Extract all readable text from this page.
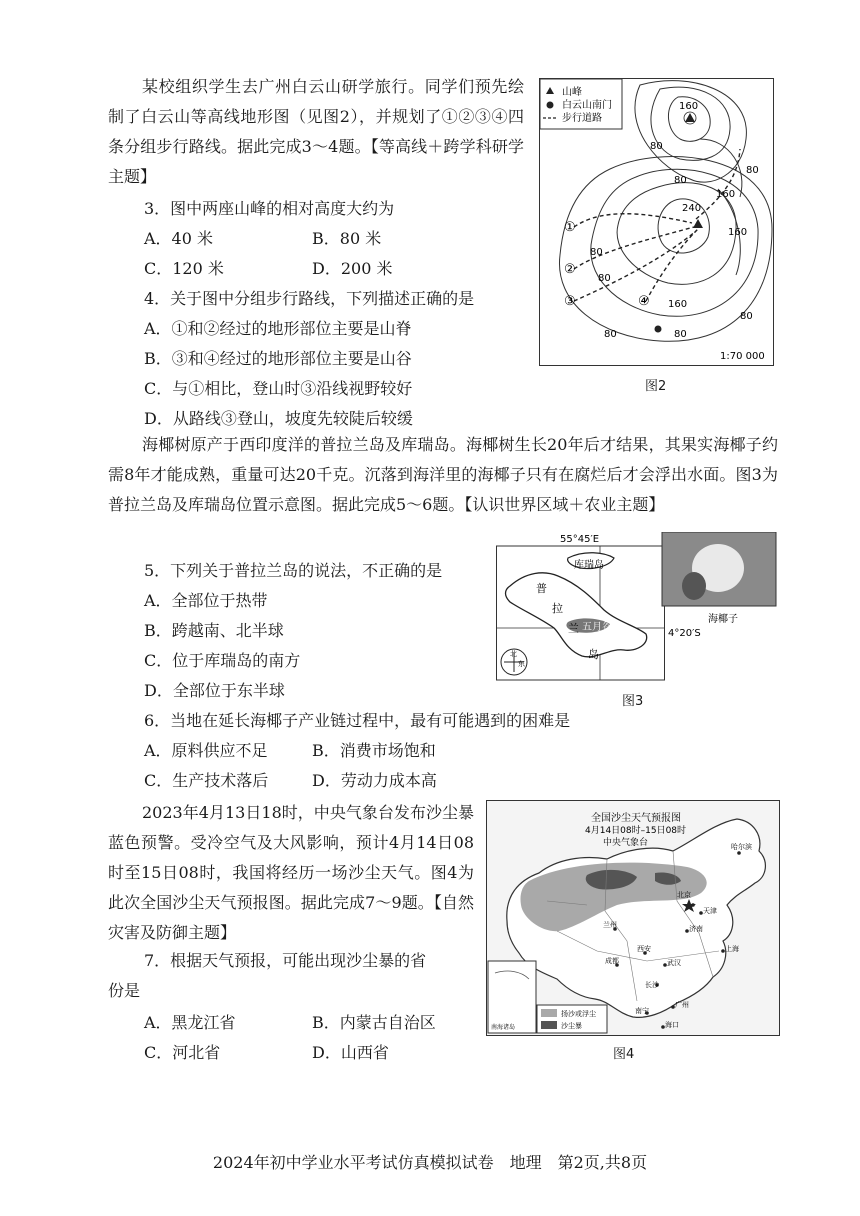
某校组织学生去广州白云山研学旅行。同学们预先绘制了白云山等高线地形图（见图2），并规划了①②③④四条分组步行路线。据此完成3～4题。【等高线＋跨学科研学主题】
3．图中两座山峰的相对高度大约为
A．40 米	B．80 米
C．120 米	D．200 米
4．关于图中分组步行路线，下列描述正确的是
A．①和②经过的地形部位主要是山脊
B．③和④经过的地形部位主要是山谷
C．与①相比，登山时③沿线视野较好
D．从路线③登山，坡度先较陡后较缓
山峰
白云山南门
步行道路
160
80
80
80
160
240
160
80
80
160
80	80
80
①
②
③	④
1:70 000
图2
海椰树原产于西印度洋的普拉兰岛及库瑞岛。海椰树生长20年后才结果，其果实海椰子约需8年才能成熟，重量可达20千克。沉落到海洋里的海椰子只有在腐烂后才会浮出水面。图3为普拉兰岛及库瑞岛位置示意图。据此完成5～6题。【认识世界区域＋农业主题】
5．下列关于普拉兰岛的说法，不正确的是
A．全部位于热带
B．跨越南、北半球
C．位于库瑞岛的南方
D．全部位于东半球
库瑞岛
普
拉
兰
岛
五月谷
55°45′E
4°20′S
北
东
海椰子
图3
6．当地在延长海椰子产业链过程中，最有可能遇到的困难是
A．原料供应不足	B．消费市场饱和
C．生产技术落后	D．劳动力成本高
2023年4月13日18时，中央气象台发布沙尘暴蓝色预警。受冷空气及大风影响，预计4月14日08时至15日08时，我国将经历一场沙尘天气。图4为此次全国沙尘天气预报图。据此完成7～9题。【自然灾害及防御主题】
7．根据天气预报，可能出现沙尘暴的省
份是
A．黑龙江省	B．内蒙古自治区
C．河北省	D．山西省
哈尔滨
北京
天津
济南
西安	上海
成都	武汉
长沙
广州
南宁
海口
兰州
全国沙尘天气预报图
4月14日08时–15日08时
中央气象台
南海诸岛
扬沙或浮尘
沙尘暴
图4
2024年初中学业水平考试仿真模拟试卷　地理　第2页,共8页
